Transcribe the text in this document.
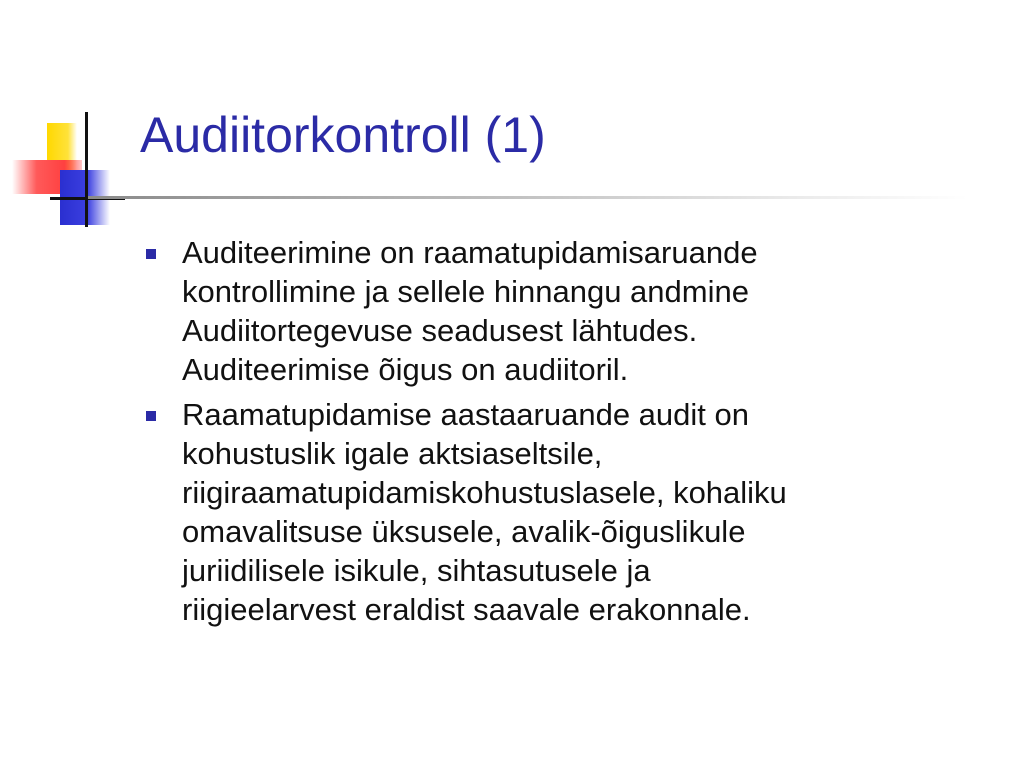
Audiitorkontroll (1)
Auditeerimine on raamatupidamisaruande
kontrollimine ja sellele hinnangu andmine
Audiitortegevuse seadusest lähtudes.
Auditeerimise õigus on audiitoril.
Raamatupidamise aastaaruande audit on
kohustuslik igale aktsiaseltsile,
riigiraamatupidamiskohustuslasele, kohaliku
omavalitsuse üksusele, avalik-õiguslikule
juriidilisele isikule, sihtasutusele ja
riigieelarvest eraldist saavale erakonnale.
